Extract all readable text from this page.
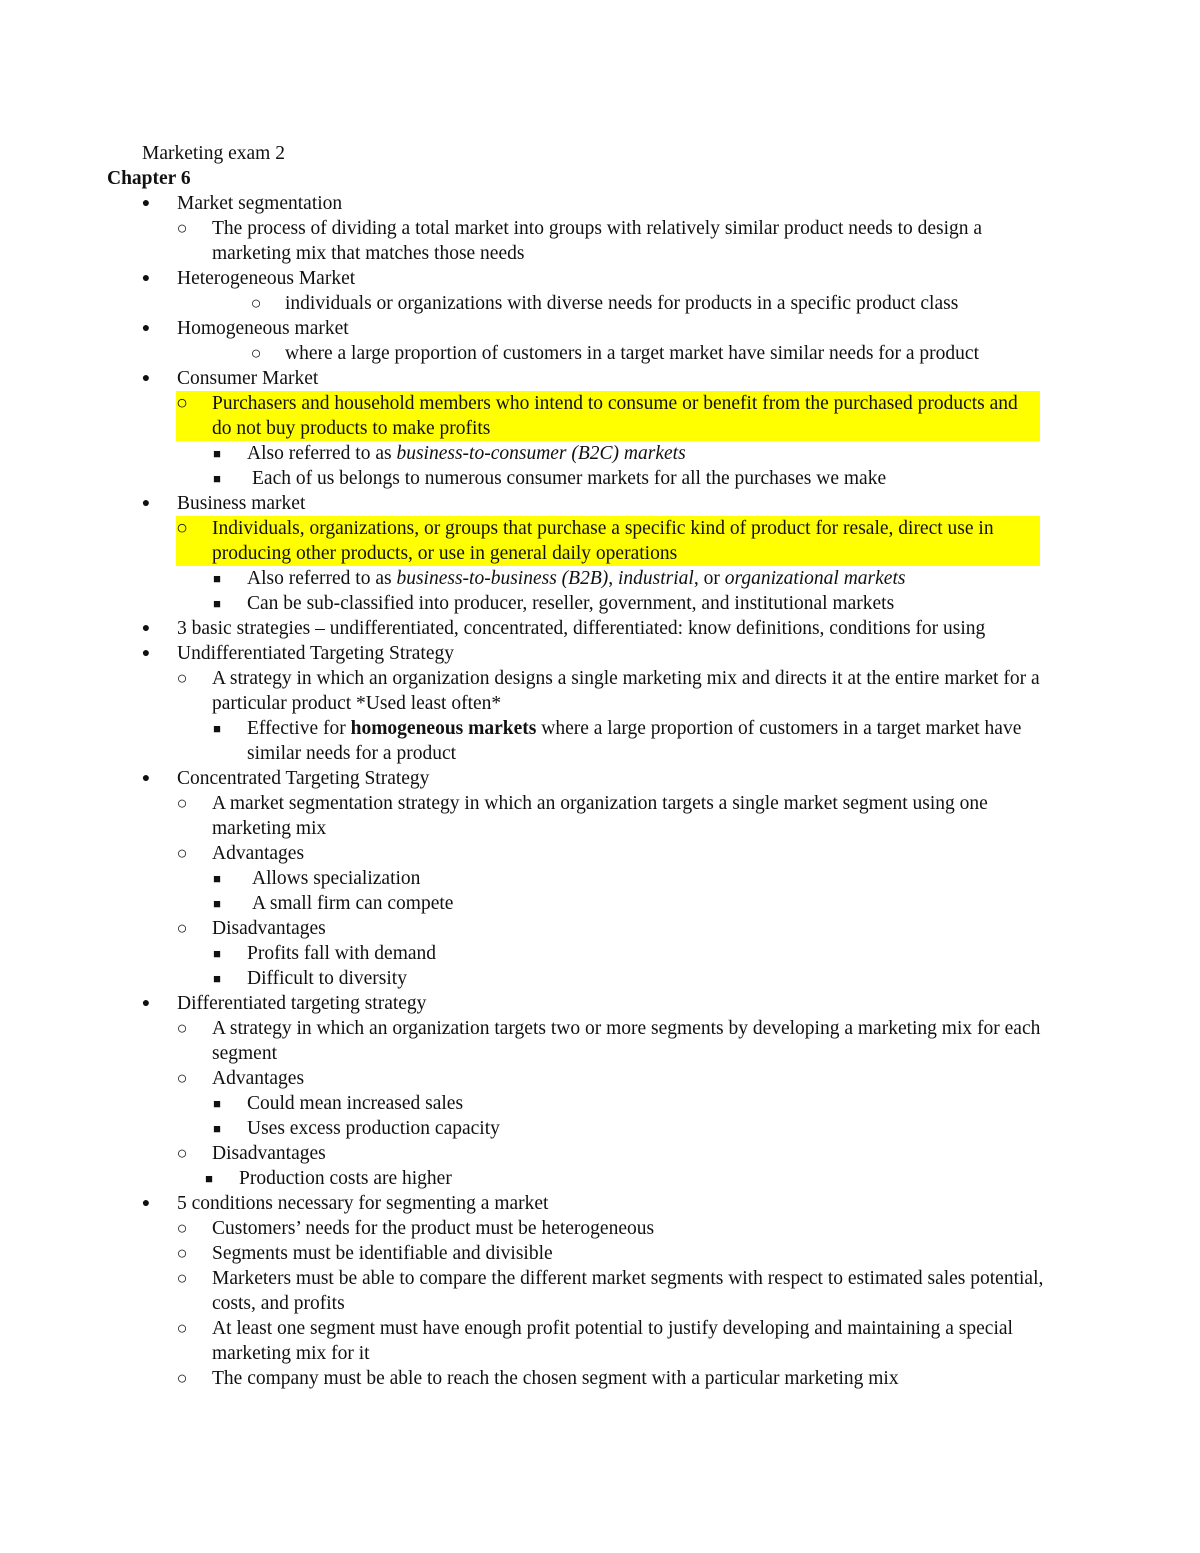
Marketing exam 2
Chapter 6
● Market segmentation
○ The process of dividing a total market into groups with relatively similar product needs to design a marketing mix that matches those needs
● Heterogeneous Market
○ individuals or organizations with diverse needs for products in a specific product class
● Homogeneous market
○ where a large proportion of customers in a target market have similar needs for a product
● Consumer Market
○ Purchasers and household members who intend to consume or benefit from the purchased products and do not buy products to make profits
■	Also referred to as business-to-consumer (B2C) markets
■	Each of us belongs to numerous consumer markets for all the purchases we make
● Business market
○ Individuals, organizations, or groups that purchase a specific kind of product for resale, direct use in producing other products, or use in general daily operations
■	Also referred to as business-to-business (B2B), industrial, or organizational markets
■	Can be sub-classified into producer, reseller, government, and institutional markets
● 3 basic strategies – undifferentiated, concentrated, differentiated: know definitions, conditions for using
● Undifferentiated Targeting Strategy
○ A strategy in which an organization designs a single marketing mix and directs it at the entire market for a particular product *Used least often*
■	Effective for homogeneous markets where a large proportion of customers in a target market have similar needs for a product
● Concentrated Targeting Strategy
○ A market segmentation strategy in which an organization targets a single market segment using one marketing mix
○ Advantages
■	Allows specialization
■	A small firm can compete
○ Disadvantages
■	Profits fall with demand
■	Difficult to diversity
● Differentiated targeting strategy
○ A strategy in which an organization targets two or more segments by developing a marketing mix for each segment
○ Advantages
■	Could mean increased sales
■	Uses excess production capacity
○ Disadvantages
■	Production costs are higher
● 5 conditions necessary for segmenting a market
○ Customers’ needs for the product must be heterogeneous
○ Segments must be identifiable and divisible
○ Marketers must be able to compare the different market segments with respect to estimated sales potential, costs, and profits
○ At least one segment must have enough profit potential to justify developing and maintaining a special marketing mix for it
○ The company must be able to reach the chosen segment with a particular marketing mix
